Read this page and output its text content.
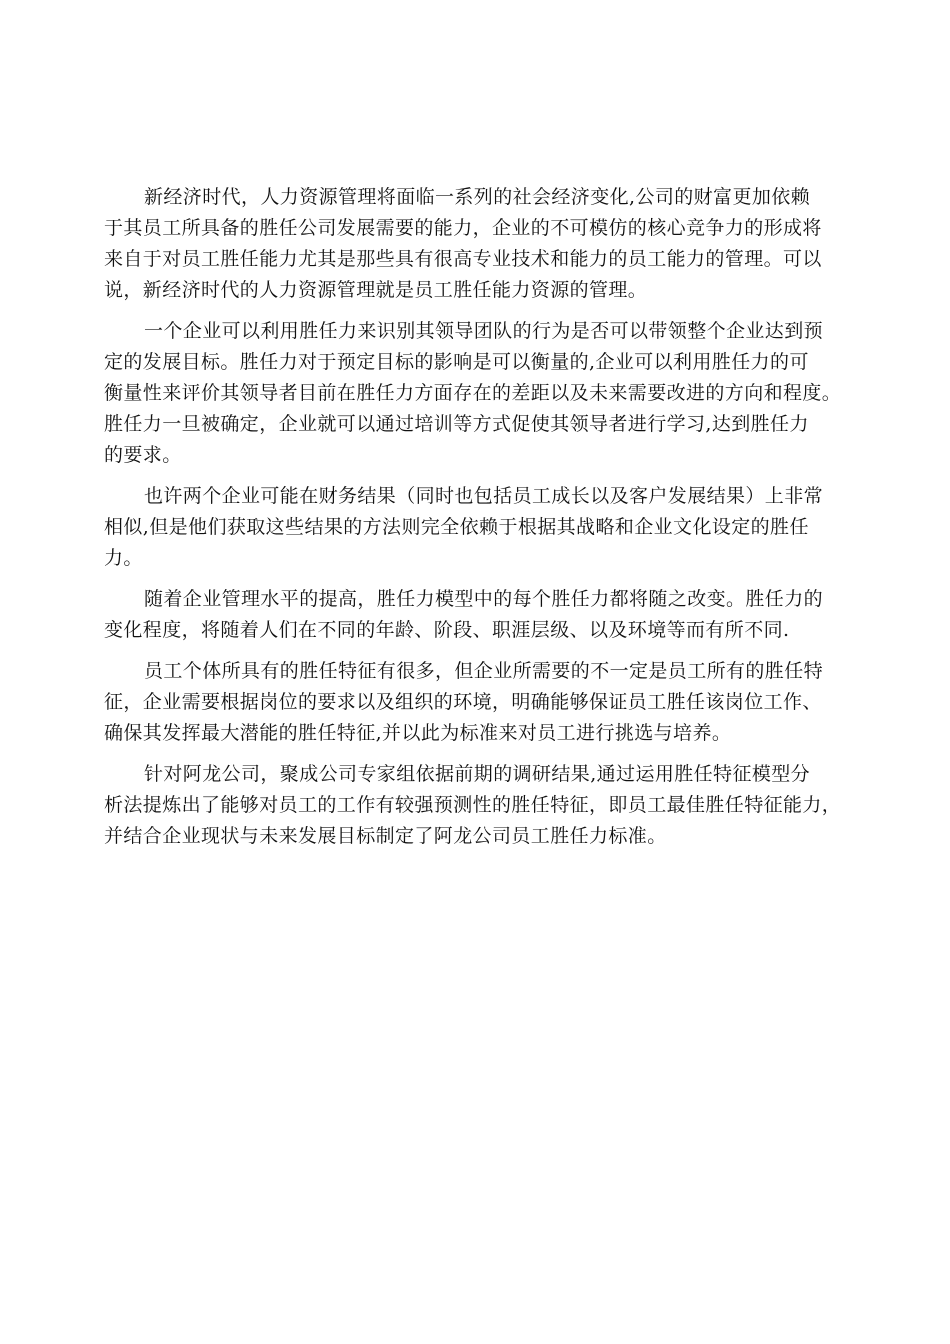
新经济时代，人力资源管理将面临一系列的社会经济变化,公司的财富更加依赖
于其员工所具备的胜任公司发展需要的能力，企业的不可模仿的核心竞争力的形成将
来自于对员工胜任能力尤其是那些具有很高专业技术和能力的员工能力的管理。可以
说，新经济时代的人力资源管理就是员工胜任能力资源的管理。

一个企业可以利用胜任力来识别其领导团队的行为是否可以带领整个企业达到预
定的发展目标。胜任力对于预定目标的影响是可以衡量的,企业可以利用胜任力的可
衡量性来评价其领导者目前在胜任力方面存在的差距以及未来需要改进的方向和程度。
胜任力一旦被确定，企业就可以通过培训等方式促使其领导者进行学习,达到胜任力
的要求。

也许两个企业可能在财务结果（同时也包括员工成长以及客户发展结果）上非常
相似,但是他们获取这些结果的方法则完全依赖于根据其战略和企业文化设定的胜任
力。

随着企业管理水平的提高，胜任力模型中的每个胜任力都将随之改变。胜任力的
变化程度，将随着人们在不同的年龄、阶段、职涯层级、以及环境等而有所不同.

员工个体所具有的胜任特征有很多，但企业所需要的不一定是员工所有的胜任特
征，企业需要根据岗位的要求以及组织的环境，明确能够保证员工胜任该岗位工作、
确保其发挥最大潜能的胜任特征,并以此为标准来对员工进行挑选与培养。

针对阿龙公司，聚成公司专家组依据前期的调研结果,通过运用胜任特征模型分
析法提炼出了能够对员工的工作有较强预测性的胜任特征，即员工最佳胜任特征能力，
并结合企业现状与未来发展目标制定了阿龙公司员工胜任力标准。
